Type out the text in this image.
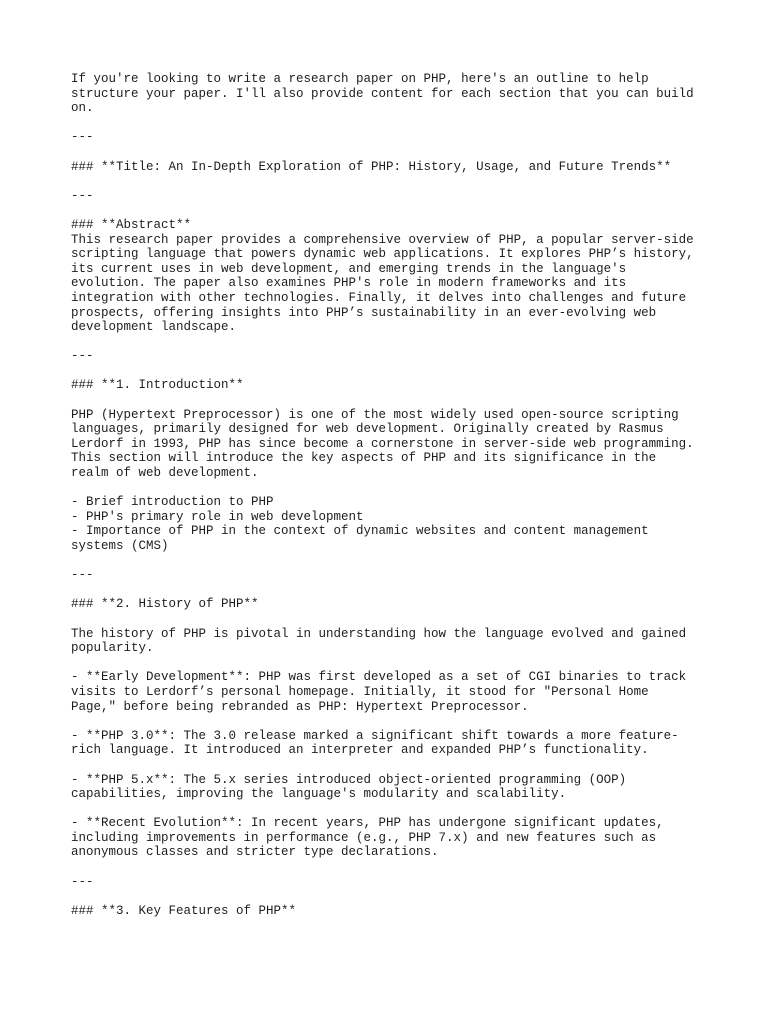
If you're looking to write a research paper on PHP, here's an outline to help
structure your paper. I'll also provide content for each section that you can build
on.
---
### **Title: An In-Depth Exploration of PHP: History, Usage, and Future Trends**
---
### **Abstract**
This research paper provides a comprehensive overview of PHP, a popular server-side
scripting language that powers dynamic web applications. It explores PHP’s history,
its current uses in web development, and emerging trends in the language's
evolution. The paper also examines PHP's role in modern frameworks and its
integration with other technologies. Finally, it delves into challenges and future
prospects, offering insights into PHP’s sustainability in an ever-evolving web
development landscape.
---
### **1. Introduction**
PHP (Hypertext Preprocessor) is one of the most widely used open-source scripting
languages, primarily designed for web development. Originally created by Rasmus
Lerdorf in 1993, PHP has since become a cornerstone in server-side web programming.
This section will introduce the key aspects of PHP and its significance in the
realm of web development.
- Brief introduction to PHP
- PHP's primary role in web development
- Importance of PHP in the context of dynamic websites and content management
systems (CMS)
---
### **2. History of PHP**
The history of PHP is pivotal in understanding how the language evolved and gained
popularity.
- **Early Development**: PHP was first developed as a set of CGI binaries to track
visits to Lerdorf’s personal homepage. Initially, it stood for "Personal Home
Page," before being rebranded as PHP: Hypertext Preprocessor.
- **PHP 3.0**: The 3.0 release marked a significant shift towards a more feature-
rich language. It introduced an interpreter and expanded PHP’s functionality.
- **PHP 5.x**: The 5.x series introduced object-oriented programming (OOP)
capabilities, improving the language's modularity and scalability.
- **Recent Evolution**: In recent years, PHP has undergone significant updates,
including improvements in performance (e.g., PHP 7.x) and new features such as
anonymous classes and stricter type declarations.
---
### **3. Key Features of PHP**
